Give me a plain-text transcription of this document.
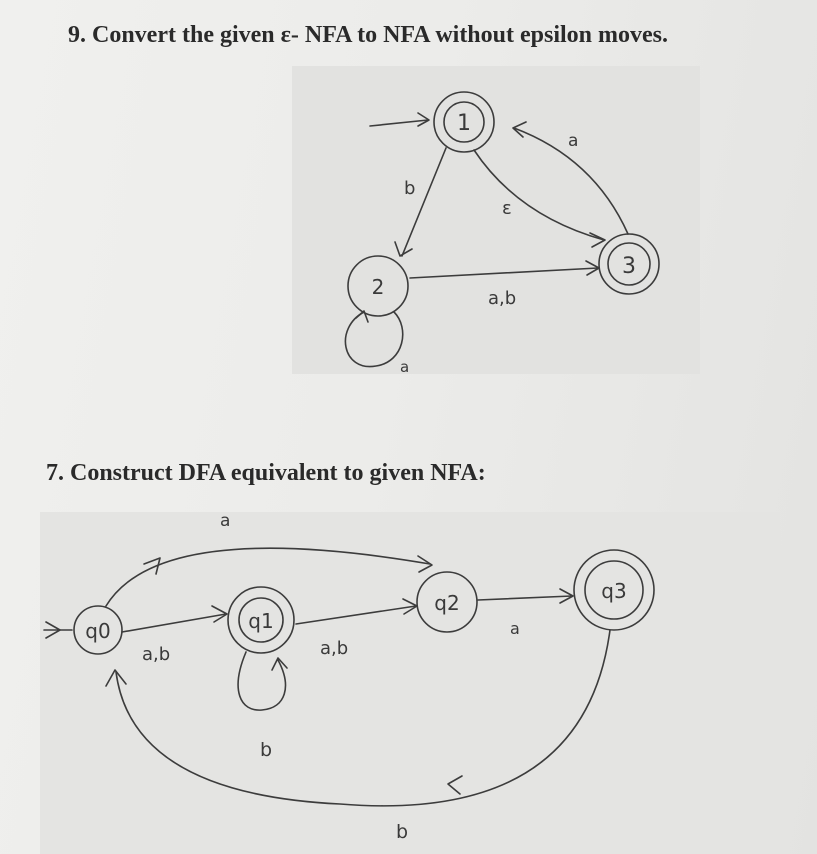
9. Convert the given ε- NFA to NFA without epsilon moves.
1
2
3
b
ε
a
a,b
a
7. Construct DFA equivalent to given NFA:
q0	q1
q2	q3
a
a,b	a,b
a
b
b
